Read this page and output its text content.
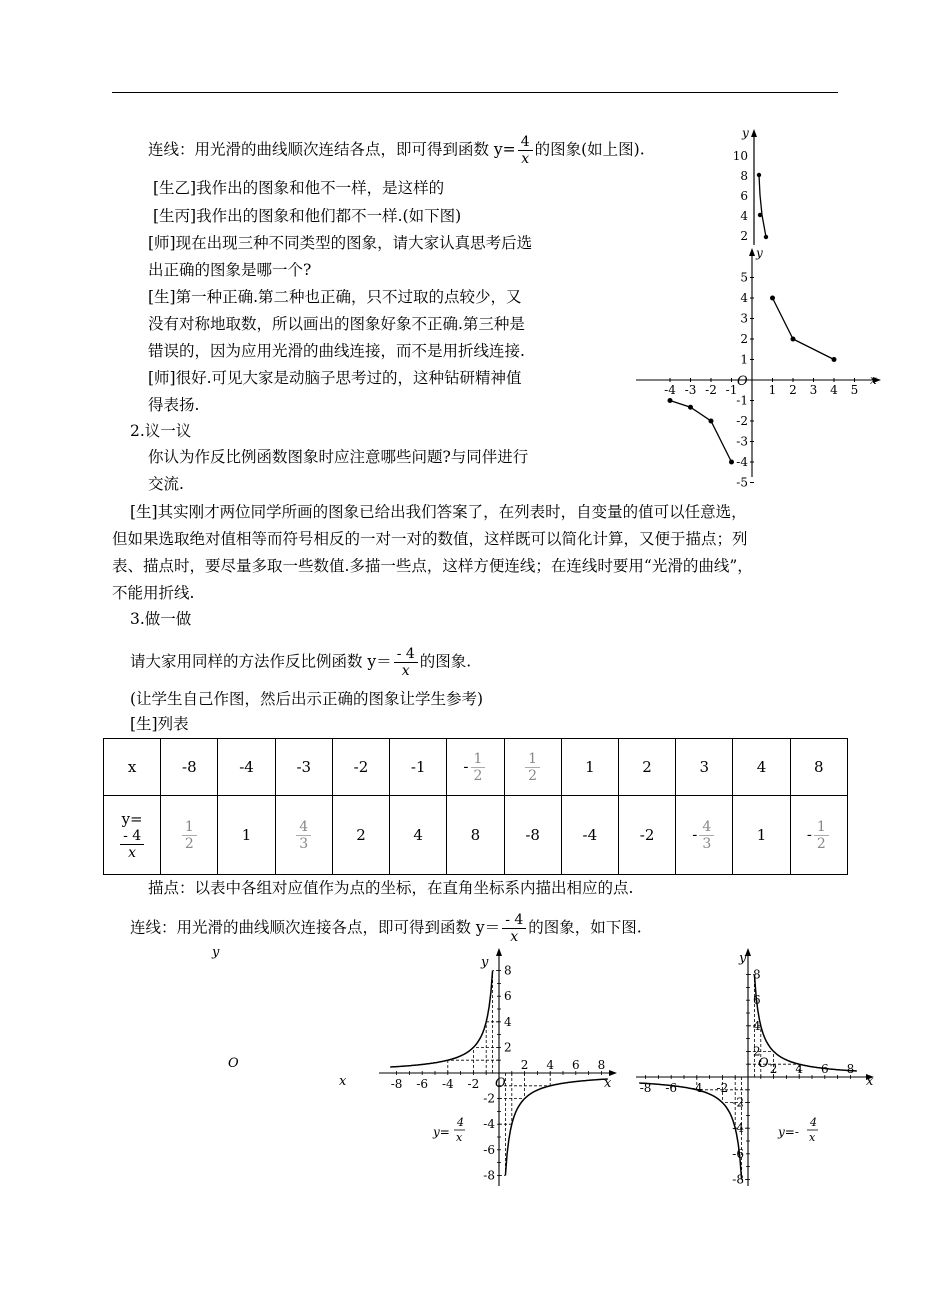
连线：用光滑的曲线顺次连结各点，即可得到函数 $y= \frac{4}{x}$ 的图象(如上图).
[生乙]我作出的图象和他不一样，是这样的
[生丙]我作出的图象和他们都不一样.(如下图)
[师]现在出现三种不同类型的图象，请大家认真思考后选
出正确的图象是哪一个?
[生]第一种正确.第二种也正确，只不过取的点较少，又
没有对称地取数，所以画出的图象好象不正确.第三种是
错误的，因为应用光滑的曲线连接，而不是用折线连接.
[师]很好.可见大家是动脑子思考过的，这种钻研精神值
得表扬.
2.议一议
你认为作反比例函数图象时应注意哪些问题?与同伴进行
交流.
[生]其实刚才两位同学所画的图象已给出我们答案了，在列表时，自变量的值可以任意选，
但如果选取绝对值相等而符号相反的一对一对的数值，这样既可以简化计算，又便于描点；列
表、描点时，要尽量多取一些数值.多描一些点，这样方便连线；在连线时要用“光滑的曲线”，
不能用折线.
3.做一做
请大家用同样的方法作反比例函数 $y= \frac{- 4}{x}$ 的图象.
(让学生自己作图，然后出示正确的图象让学生参考)
[生]列表
x	-8	-4	-3	-2	-1	- $\frac{1}{2}$	$\frac{1}{2}$	1	2	3	4	8

y=
$\frac{- 4}{x}$	$\frac{1}{2}$	1	$\frac{4}{3}$	2	4	8	-8	-4	-2	- $\frac{4}{3}$	1	- $\frac{1}{2}$
描点：以表中各组对应值作为点的坐标，在直角坐标系内描出相应的点.
连线：用光滑的曲线顺次连接各点，即可得到函数 $y= \frac{- 4}{x}$ 的图象，如下图.
y
10
8
6
4
2
y
x
O
5
4
3
2
1
-1
-2
-3
-4
-5
-4 -3 -2 -1	1 2 3 4 5
y
x
O	2 4 6 8
-8 -6 -4 -2
8
6
4
2
-2
-4
-6
-8
y
x
O
y=
4
x
2 4 6 8
-8 -6 -4 -2
8
6
4
2
-2
-4
-6
-8
y
x
O
y=-
4
x
